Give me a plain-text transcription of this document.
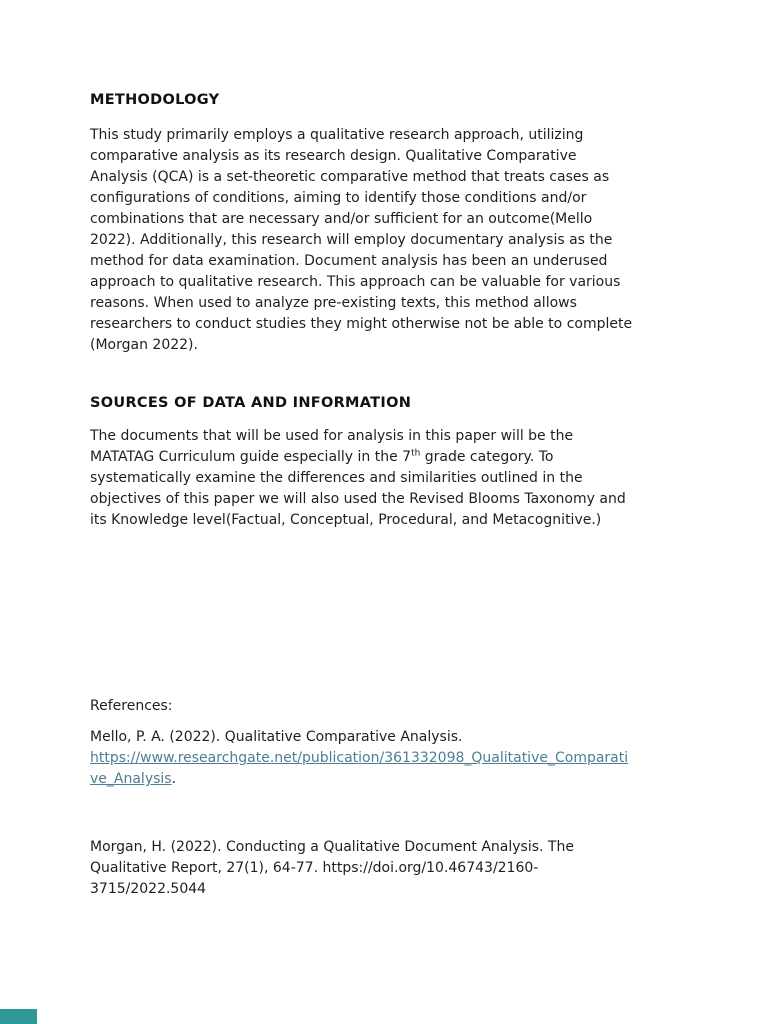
METHODOLOGY
This study primarily employs a qualitative research approach, utilizing
comparative analysis as its research design. Qualitative Comparative
Analysis (QCA) is a set-theoretic comparative method that treats cases as
configurations of conditions, aiming to identify those conditions and/or
combinations that are necessary and/or sufficient for an outcome(Mello
2022). Additionally, this research will employ documentary analysis as the
method for data examination. Document analysis has been an underused
approach to qualitative research. This approach can be valuable for various
reasons. When used to analyze pre-existing texts, this method allows
researchers to conduct studies they might otherwise not be able to complete
(Morgan 2022).
SOURCES OF DATA AND INFORMATION
The documents that will be used for analysis in this paper will be the
MATATAG Curriculum guide especially in the 7th grade category. To
systematically examine the differences and similarities outlined in the
objectives of this paper we will also used the Revised Blooms Taxonomy and
its Knowledge level(Factual, Conceptual, Procedural, and Metacognitive.)
References:
Mello, P. A. (2022). Qualitative Comparative Analysis.
https://www.researchgate.net/publication/361332098_Qualitative_Comparati
ve_Analysis.
Morgan, H. (2022). Conducting a Qualitative Document Analysis. The
Qualitative Report, 27(1), 64-77. https://doi.org/10.46743/2160-
3715/2022.5044
